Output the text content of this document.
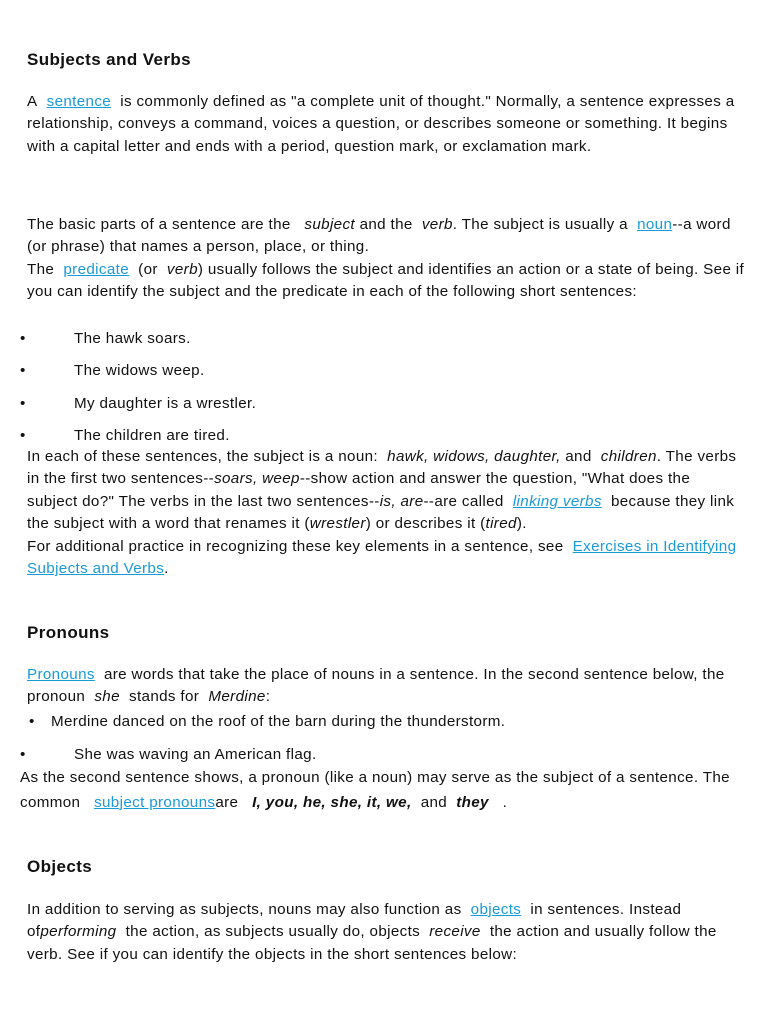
Subjects and Verbs
A sentence is commonly defined as "a complete unit of thought." Normally, a sentence expresses a relationship, conveys a command, voices a question, or describes someone or something. It begins with a capital letter and ends with a period, question mark, or exclamation mark.
The basic parts of a sentence are the subject and the verb. The subject is usually a noun--a word (or phrase) that names a person, place, or thing.
The predicate (or verb) usually follows the subject and identifies an action or a state of being. See if you can identify the subject and the predicate in each of the following short sentences:
•	The hawk soars.
•	The widows weep.
•	My daughter is a wrestler.
•	The children are tired.
In each of these sentences, the subject is a noun: hawk, widows, daughter, and children. The verbs in the first two sentences--soars, weep--show action and answer the question, "What does the subject do?" The verbs in the last two sentences--is, are--are called linking verbs because they link the subject with a word that renames it (wrestler) or describes it (tired).
For additional practice in recognizing these key elements in a sentence, see Exercises in Identifying Subjects and Verbs.
Pronouns
Pronouns are words that take the place of nouns in a sentence. In the second sentence below, the pronoun she stands for Merdine:
• Merdine danced on the roof of the barn during the thunderstorm.
•	She was waving an American flag.
As the second sentence shows, a pronoun (like a noun) may serve as the subject of a sentence. The common subject pronounsare I, you, he, she, it, we, and they .
Objects
In addition to serving as subjects, nouns may also function as objects in sentences. Instead ofperforming the action, as subjects usually do, objects receive the action and usually follow the verb. See if you can identify the objects in the short sentences below:
